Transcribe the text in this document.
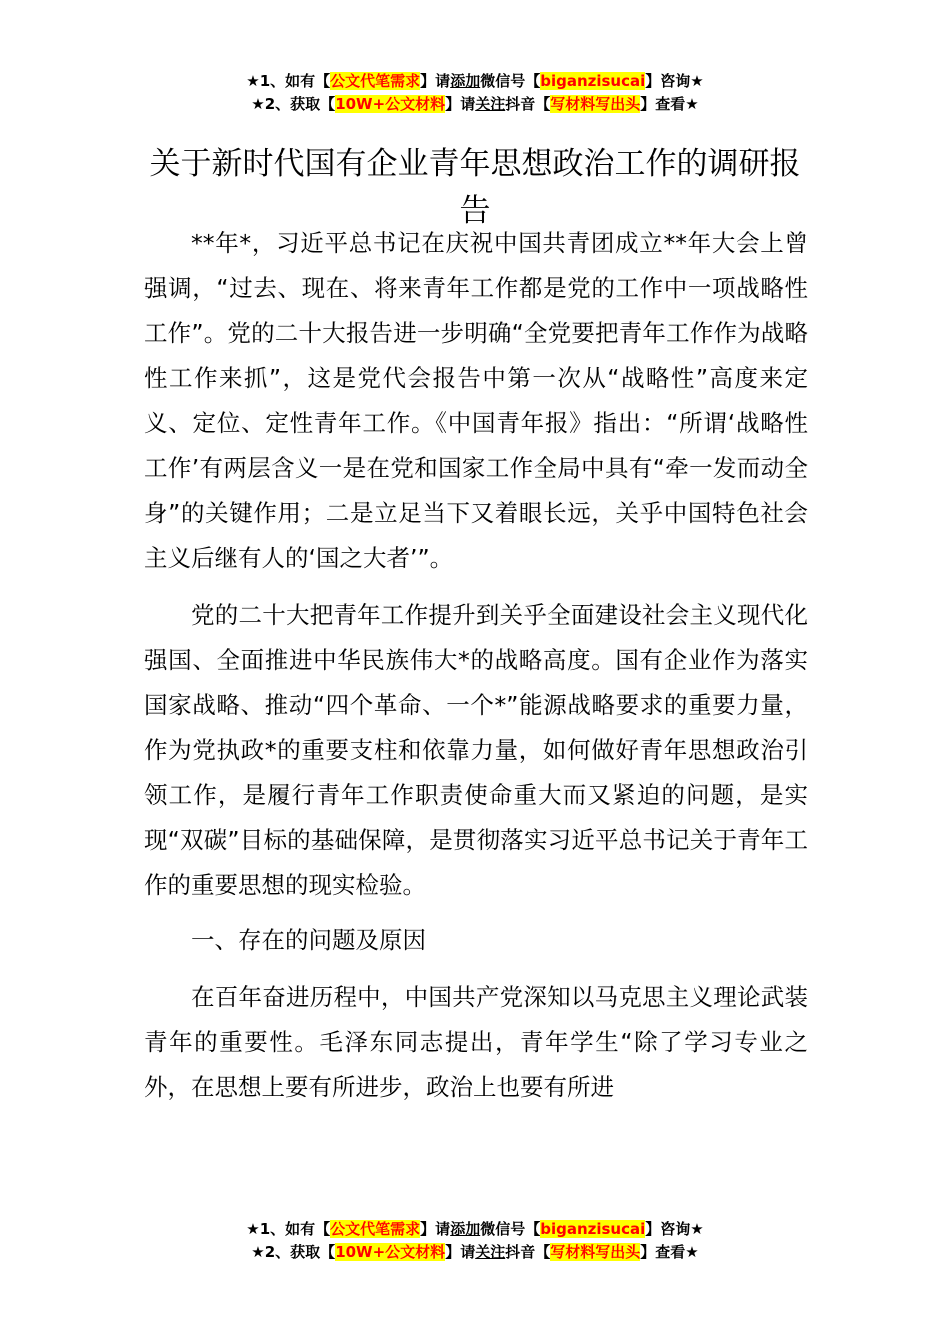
★1、如有【公文代笔需求】请添加微信号【biganzisucai】咨询★
★2、获取【10W+公文材料】请关注抖音【写材料写出头】查看★
关于新时代国有企业青年思想政治工作的调研报告

**年*，习近平总书记在庆祝中国共青团成立**年大会上曾强调，“过去、现在、将来青年工作都是党的工作中一项战略性工作”。党的二十大报告进一步明确“全党要把青年工作作为战略性工作来抓”，这是党代会报告中第一次从“战略性”高度来定义、定位、定性青年工作。《中国青年报》指出：“所谓‘战略性工作’有两层含义一是在党和国家工作全局中具有“牵一发而动全身”的关键作用；二是立足当下又着眼长远，关乎中国特色社会主义后继有人的‘国之大者’”。

党的二十大把青年工作提升到关乎全面建设社会主义现代化强国、全面推进中华民族伟大*的战略高度。国有企业作为落实国家战略、推动“四个革命、一个*”能源战略要求的重要力量，作为党执政*的重要支柱和依靠力量，如何做好青年思想政治引领工作，是履行青年工作职责使命重大而又紧迫的问题，是实现“双碳”目标的基础保障，是贯彻落实习近平总书记关于青年工作的重要思想的现实检验。

一、存在的问题及原因

在百年奋进历程中，中国共产党深知以马克思主义理论武装青年的重要性。毛泽东同志提出，青年学生“除了学习专业之外，在思想上要有所进步，政治上也要有所进

★1、如有【公文代笔需求】请添加微信号【biganzisucai】咨询★
★2、获取【10W+公文材料】请关注抖音【写材料写出头】查看★
